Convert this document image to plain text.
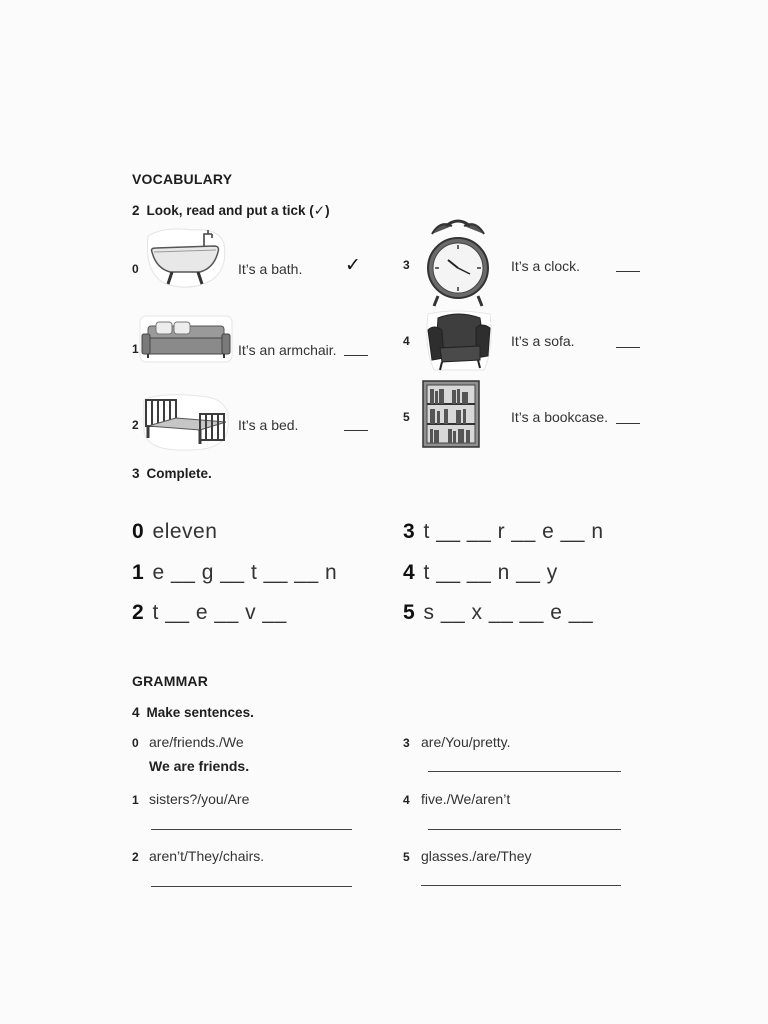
VOCABULARY
2 Look, read and put a tick (✓)
0	It’s a bath. ✓
1	It’s an armchair.
2	It’s a bed.
3	It’s a clock.
4	It’s a sofa.
5	It’s a bookcase.
3 Complete.
0 eleven
1 e __ g __ t __ __ n
2 t __ e __ v __
3 t __ __ r __ e __ n
4 t __ __ n __ y
5 s __ x __ __ e __
GRAMMAR
4 Make sentences.
0 are/friends./We
We are friends.
1 sisters?/you/Are
2 aren’t/They/chairs.
3 are/You/pretty.
4 five./We/aren’t
5 glasses./are/They
